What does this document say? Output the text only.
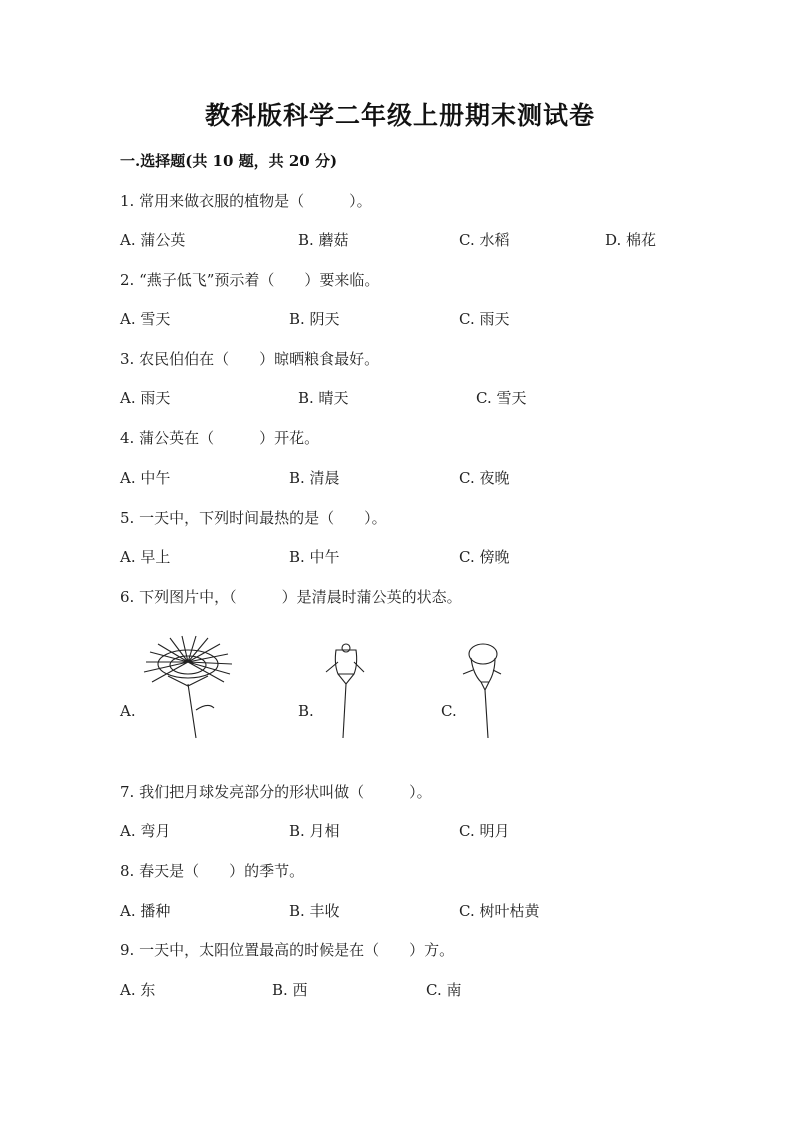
教科版科学二年级上册期末测试卷
一.选择题(共 10 题，共 20 分)
1. 常用来做衣服的植物是（　　　）。
A. 蒲公英	B. 蘑菇	C. 水稻	D. 棉花
2. “燕子低飞”预示着（　　）要来临。
A. 雪天	B. 阴天	C. 雨天
3. 农民伯伯在（　　）晾晒粮食最好。
A. 雨天	B. 晴天	C. 雪天
4. 蒲公英在（　　　）开花。
A. 中午	B. 清晨	C. 夜晚
5. 一天中，下列时间最热的是（　　）。
A. 早上	B. 中午	C. 傍晚
6. 下列图片中，（　　　）是清晨时蒲公英的状态。
A.	B.	C.
7. 我们把月球发亮部分的形状叫做（　　　）。
A. 弯月	B. 月相	C. 明月
8. 春天是（　　）的季节。
A. 播种	B. 丰收	C. 树叶枯黄
9. 一天中，太阳位置最高的时候是在（　　）方。
A. 东	B. 西	C. 南
